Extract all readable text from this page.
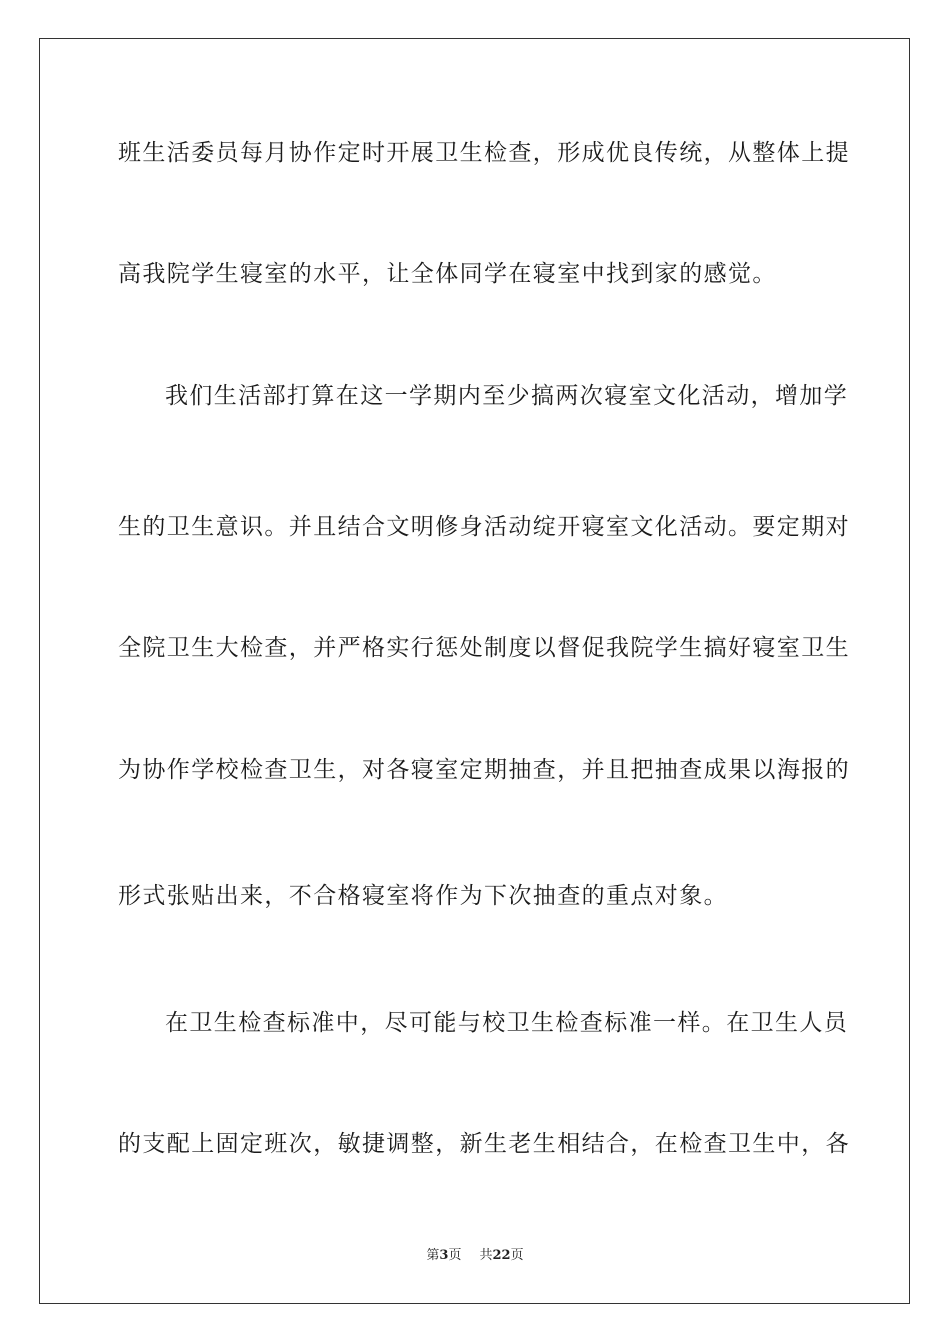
班生活委员每月协作定时开展卫生检查，形成优良传统，从整体上提
高我院学生寝室的水平，让全体同学在寝室中找到家的感觉。
我们生活部打算在这一学期内至少搞两次寝室文化活动，增加学
生的卫生意识。并且结合文明修身活动绽开寝室文化活动。要定期对
全院卫生大检查，并严格实行惩处制度以督促我院学生搞好寝室卫生
为协作学校检查卫生，对各寝室定期抽查，并且把抽查成果以海报的
形式张贴出来，不合格寝室将作为下次抽查的重点对象。
在卫生检查标准中，尽可能与校卫生检查标准一样。在卫生人员
的支配上固定班次，敏捷调整，新生老生相结合，在检查卫生中，各
第3页 共22页
